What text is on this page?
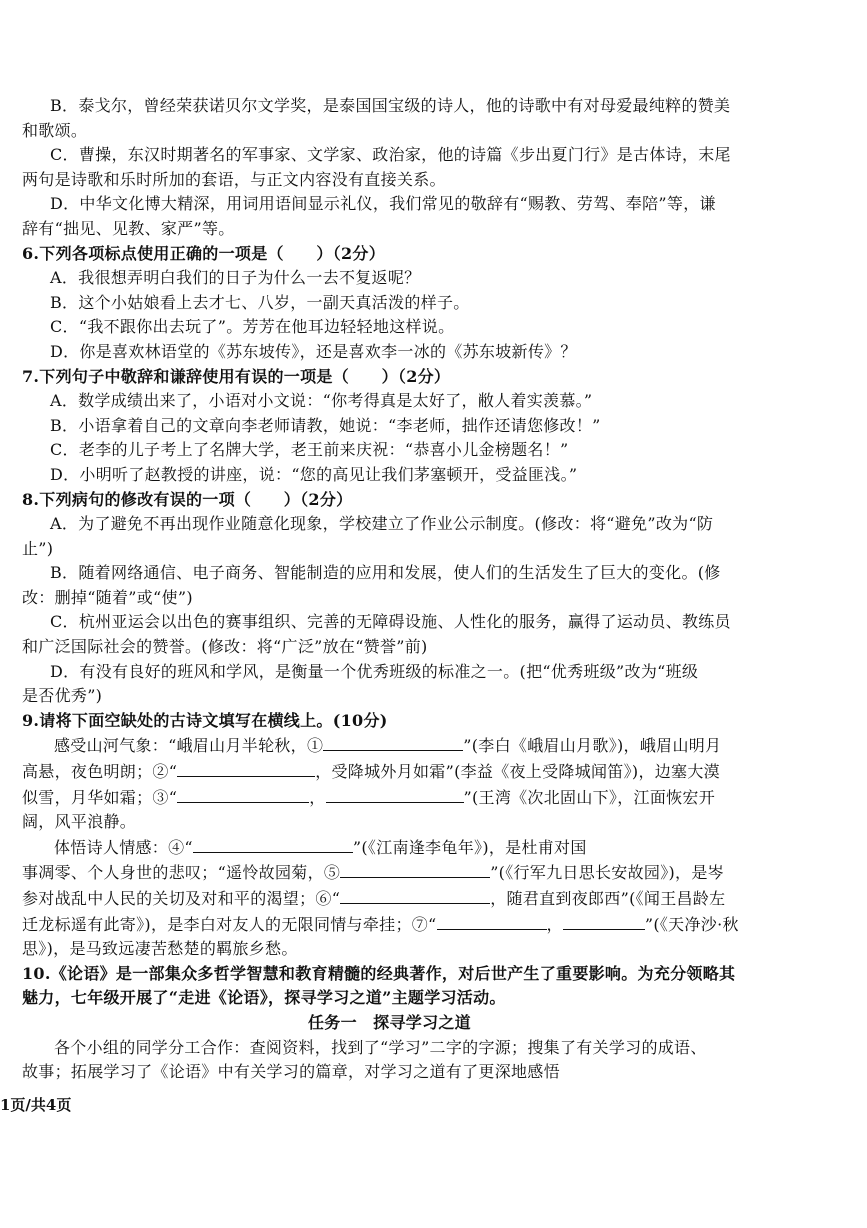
B．泰戈尔，曾经荣获诺贝尔文学奖，是泰国国宝级的诗人，他的诗歌中有对母爱最纯粹的赞美

和歌颂。

C．曹操，东汉时期著名的军事家、文学家、政治家，他的诗篇《步出夏门行》是古体诗，末尾

两句是诗歌和乐时所加的套语，与正文内容没有直接关系。

D．中华文化博大精深，用词用语间显示礼仪，我们常见的敬辞有“赐教、劳驾、奉陪”等，谦

辞有“拙见、见教、家严”等。

6.下列各项标点使用正确的一项是（　　）（2分）

A．我很想弄明白我们的日子为什么一去不复返呢？

B．这个小姑娘看上去才七、八岁，一副天真活泼的样子。

C．“我不跟你出去玩了”。芳芳在他耳边轻轻地这样说。

D．你是喜欢林语堂的《苏东坡传》，还是喜欢李一冰的《苏东坡新传》？

7.下列句子中敬辞和谦辞使用有误的一项是（　　）（2分）

A．数学成绩出来了，小语对小文说：“你考得真是太好了，敝人着实羡慕。”

B．小语拿着自己的文章向李老师请教，她说：“李老师，拙作还请您修改！”

C．老李的儿子考上了名牌大学，老王前来庆祝：“恭喜小儿金榜题名！”

D．小明听了赵教授的讲座，说：“您的高见让我们茅塞顿开，受益匪浅。”

8.下列病句的修改有误的一项（　　）（2分）

A．为了避免不再出现作业随意化现象，学校建立了作业公示制度。(修改：将“避免”改为“防

止”)

B．随着网络通信、电子商务、智能制造的应用和发展，使人们的生活发生了巨大的变化。(修

改：删掉“随着”或“使”)

C．杭州亚运会以出色的赛事组织、完善的无障碍设施、人性化的服务，赢得了运动员、教练员

和广泛国际社会的赞誉。(修改：将“广泛”放在“赞誉”前)

D．有没有良好的班风和学风，是衡量一个优秀班级的标准之一。(把“优秀班级”改为“班级

是否优秀”)

9.请将下面空缺处的古诗文填写在横线上。(10分)

感受山河气象：“峨眉山月半轮秋，①	”(李白《峨眉山月歌》)，峨眉山明月

高悬，夜色明朗；②“	，受降城外月如霜”(李益《夜上受降城闻笛》)，边塞大漠

似雪，月华如霜；③“	，	”(王湾《次北固山下》，江面恢宏开

阔，风平浪静。

体悟诗人情感：④“	”(《江南逢李龟年》)，是杜甫对国

事凋零、个人身世的悲叹；“遥怜故园菊，⑤	”(《行军九日思长安故园》)，是岑

参对战乱中人民的关切及对和平的渴望；⑥“	，随君直到夜郎西”(《闻王昌龄左

迁龙标遥有此寄》)，是李白对友人的无限同情与牵挂；⑦“	，	”(《天净沙·秋

思》)，是马致远凄苦愁楚的羁旅乡愁。

10.《论语》是一部集众多哲学智慧和教育精髓的经典著作，对后世产生了重要影响。为充分领略其

魅力，七年级开展了“走进《论语》，探寻学习之道”主题学习活动。

任务一　探寻学习之道

各个小组的同学分工合作：查阅资料，找到了“学习”二字的字源；搜集了有关学习的成语、

故事；拓展学习了《论语》中有关学习的篇章，对学习之道有了更深地感悟

1页/共4页
